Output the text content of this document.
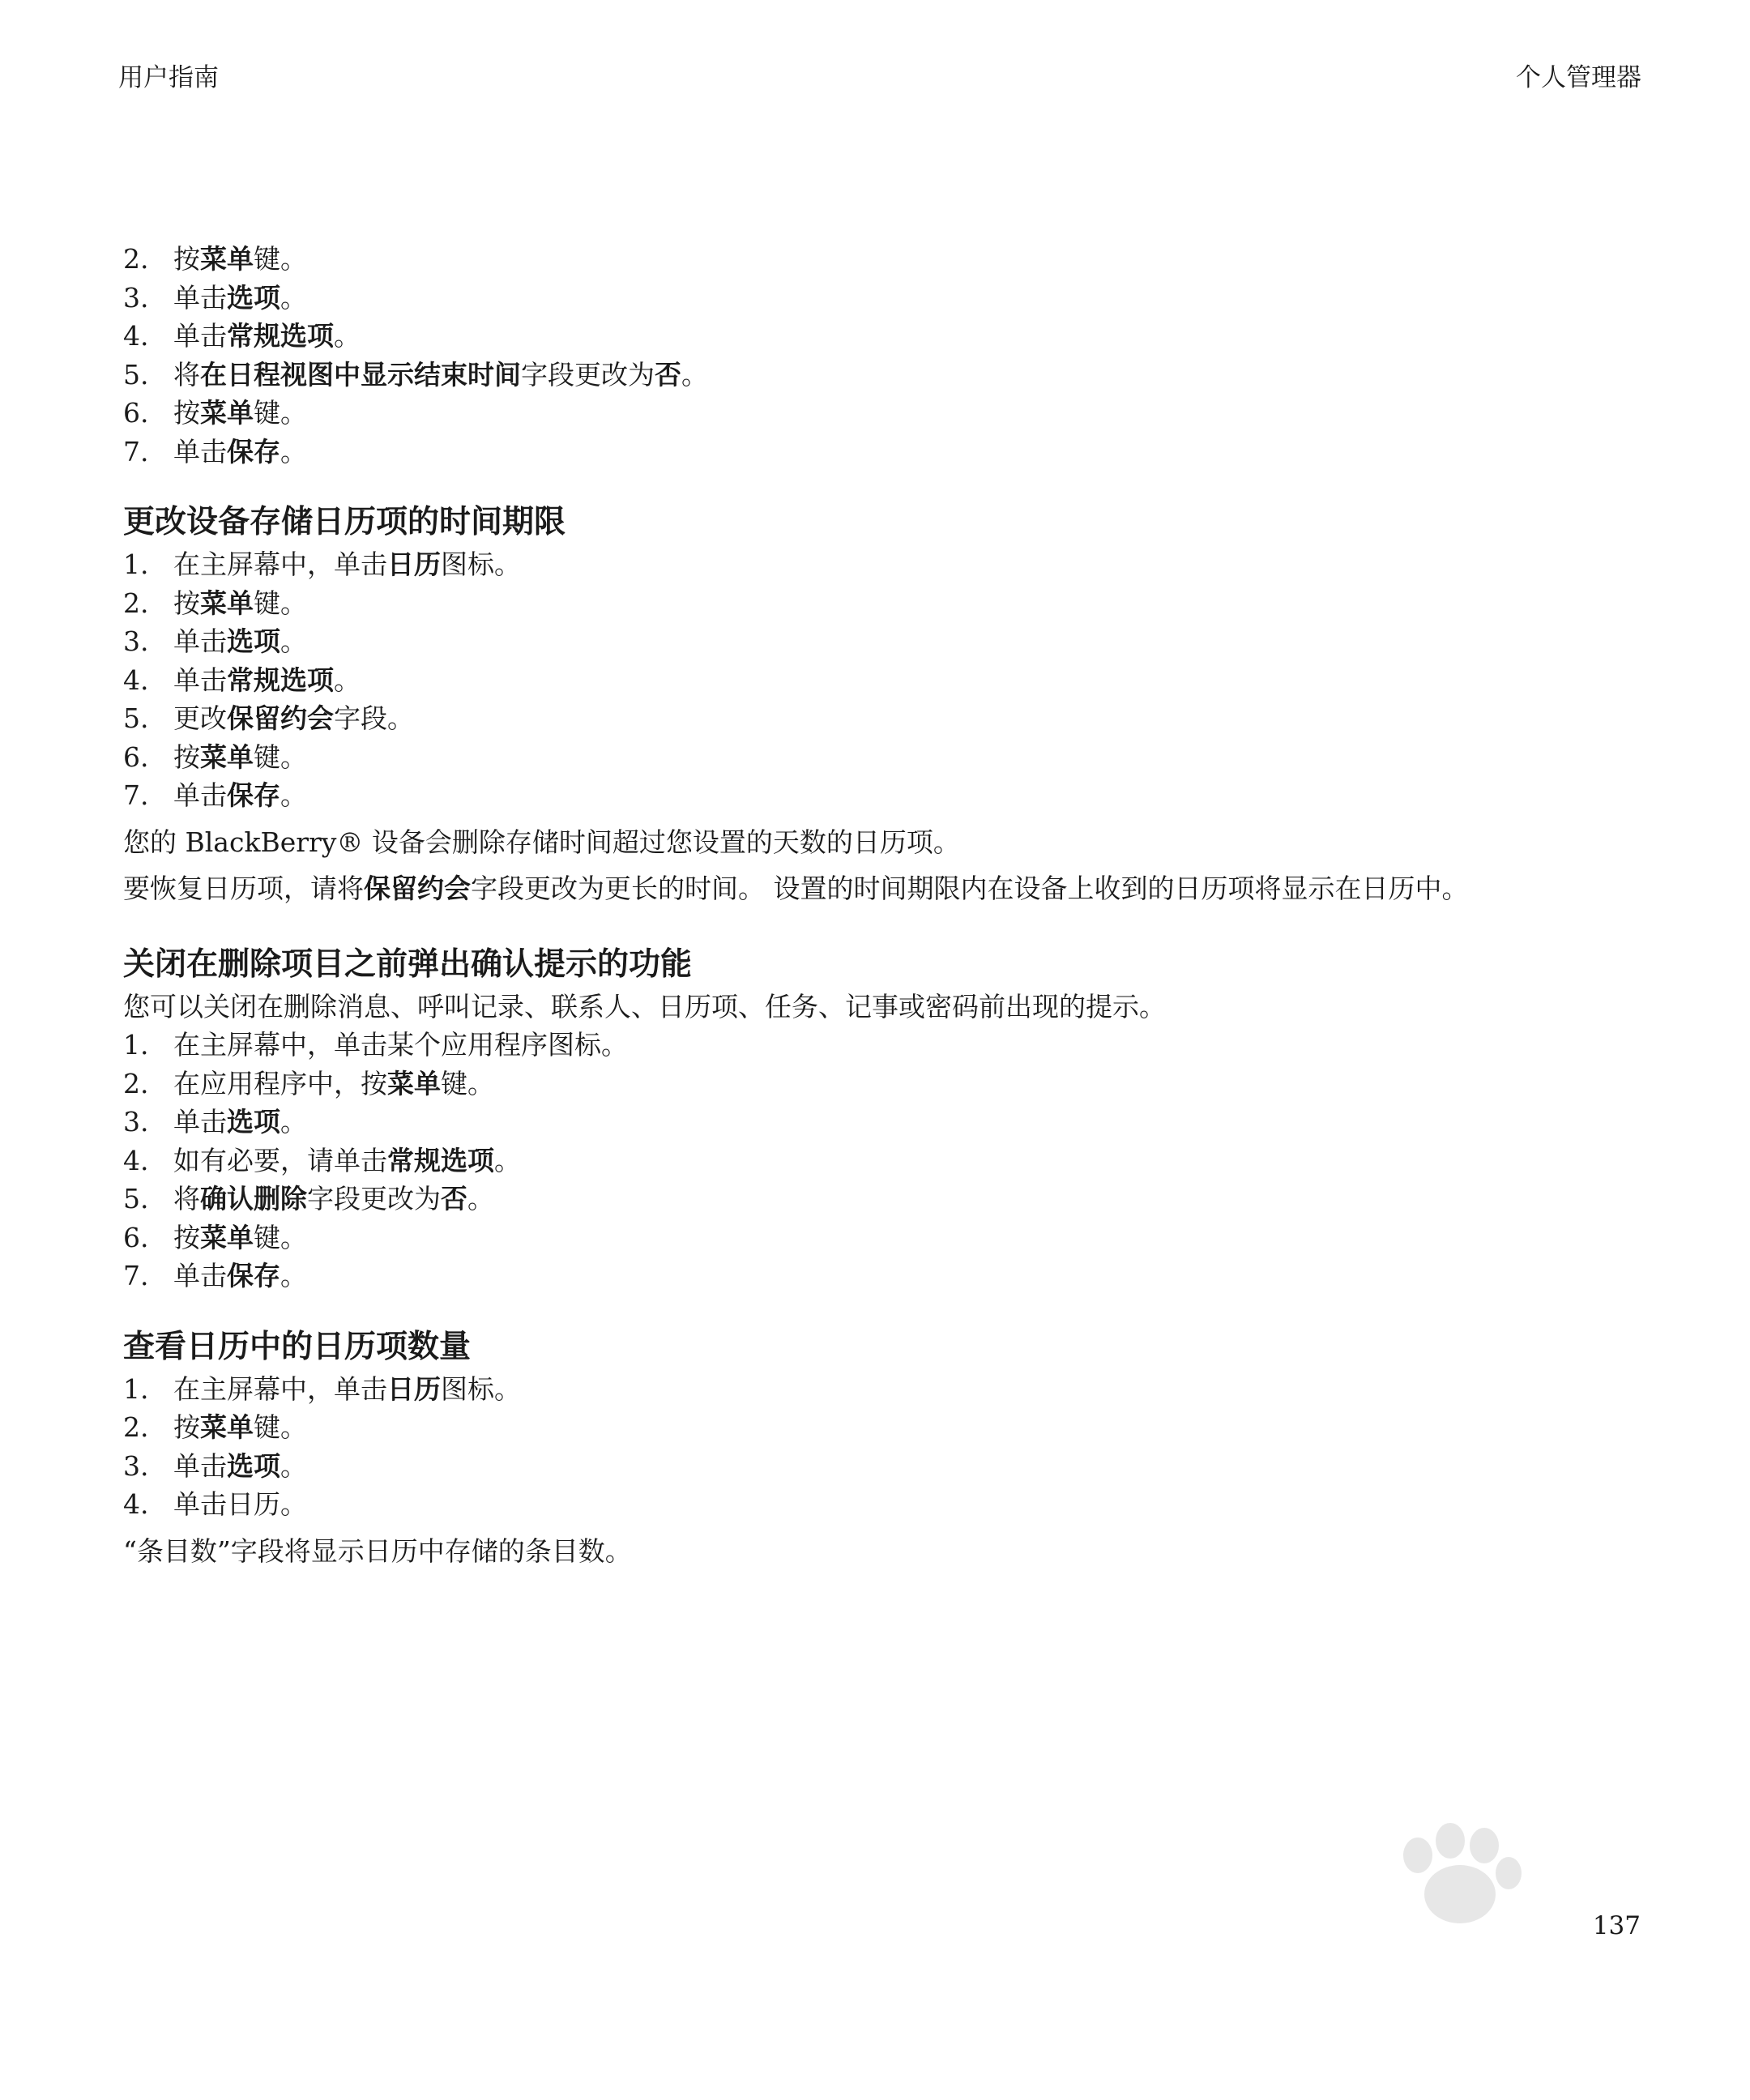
用户指南	个人管理器
2. 按菜单键。
3. 单击选项。
4. 单击常规选项。
5. 将在日程视图中显示结束时间字段更改为否。
6. 按菜单键。
7. 单击保存。
更改设备存储日历项的时间期限
1. 在主屏幕中，单击日历图标。
2. 按菜单键。
3. 单击选项。
4. 单击常规选项。
5. 更改保留约会字段。
6. 按菜单键。
7. 单击保存。
您的 BlackBerry® 设备会删除存储时间超过您设置的天数的日历项。
要恢复日历项，请将保留约会字段更改为更长的时间。 设置的时间期限内在设备上收到的日历项将显示在日历中。
关闭在删除项目之前弹出确认提示的功能
您可以关闭在删除消息、呼叫记录、联系人、日历项、任务、记事或密码前出现的提示。
1. 在主屏幕中，单击某个应用程序图标。
2. 在应用程序中，按菜单键。
3. 单击选项。
4. 如有必要，请单击常规选项。
5. 将确认删除字段更改为否。
6. 按菜单键。
7. 单击保存。
查看日历中的日历项数量
1. 在主屏幕中，单击日历图标。
2. 按菜单键。
3. 单击选项。
4. 单击日历。
“条目数”字段将显示日历中存储的条目数。
137
